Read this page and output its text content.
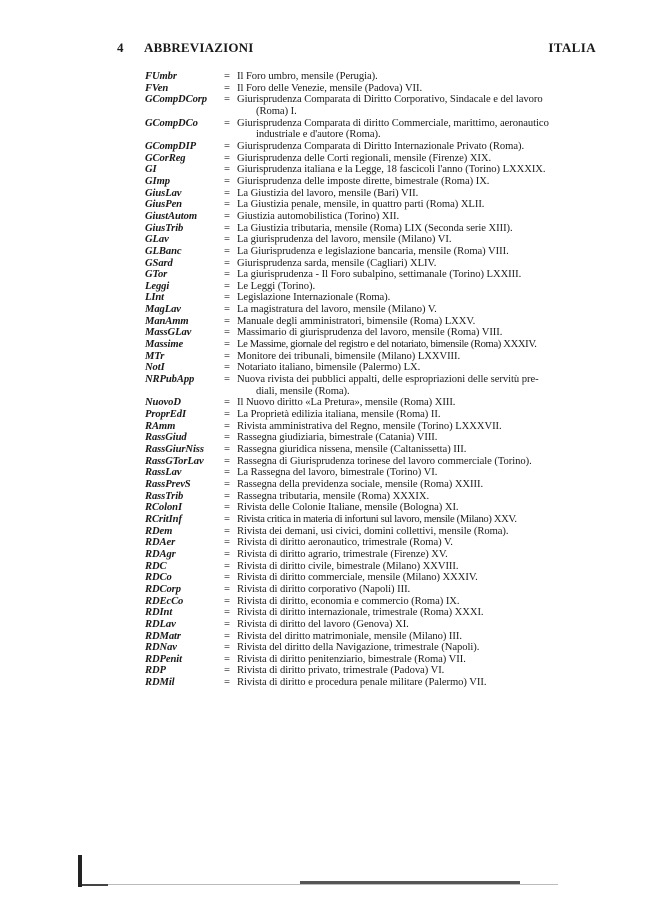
4 ABBREVIAZIONI	ITALIA
FUmbr	= Il Foro umbro, mensile (Perugia).
FVen	= Il Foro delle Venezie, mensile (Padova) VII.
GCompDCorp	= Giurisprudenza Comparata di Diritto Corporativo, Sindacale e del lavoro
(Roma) I.
GCompDCo	= Giurisprudenza Comparata di diritto Commerciale, marittimo, aeronautico
industriale e d'autore (Roma).
GCompDIP	= Giurisprudenza Comparata di Diritto Internazionale Privato (Roma).
GCorReg	= Giurisprudenza delle Corti regionali, mensile (Firenze) XIX.
GI	= Giurisprudenza italiana e la Legge, 18 fascicoli l'anno (Torino) LXXXIX.
GImp	= Giurisprudenza delle imposte dirette, bimestrale (Roma) IX.
GiusLav	= La Giustizia del lavoro, mensile (Bari) VII.
GiusPen	= La Giustizia penale, mensile, in quattro parti (Roma) XLII.
GiustAutom	= Giustizia automobilistica (Torino) XII.
GiusTrib	= La Giustizia tributaria, mensile (Roma) LIX (Seconda serie XIII).
GLav	= La giurisprudenza del lavoro, mensile (Milano) VI.
GLBanc	= La Giurisprudenza e legislazione bancaria, mensile (Roma) VIII.
GSard	= Giurisprudenza sarda, mensile (Cagliari) XLIV.
GTor	= La giurisprudenza - Il Foro subalpino, settimanale (Torino) LXXIII.
Leggi	= Le Leggi (Torino).
LInt	= Legislazione Internazionale (Roma).
MagLav	= La magistratura del lavoro, mensile (Milano) V.
ManAmm	= Manuale degli amministratori, bimensile (Roma) LXXV.
MassGLav	= Massimario di giurisprudenza del lavoro, mensile (Roma) VIII.
Massime	= Le Massime, giornale del registro e del notariato, bimensile (Roma) XXXIV.
MTr	= Monitore dei tribunali, bimensile (Milano) LXXVIII.
NotI	= Notariato italiano, bimensile (Palermo) LX.
NRPubApp	= Nuova rivista dei pubblici appalti, delle espropriazioni delle servitù pre-
diali, mensile (Roma).
NuovoD	= Il Nuovo diritto «La Pretura», mensile (Roma) XIII.
ProprEdI	= La Proprietà edilizia italiana, mensile (Roma) II.
RAmm	= Rivista amministrativa del Regno, mensile (Torino) LXXXVII.
RassGiud	= Rassegna giudiziaria, bimestrale (Catania) VIII.
RassGiurNiss	= Rassegna giuridica nissena, mensile (Caltanissetta) III.
RassGTorLav	= Rassegna di Giurisprudenza torinese del lavoro commerciale (Torino).
RassLav	= La Rassegna del lavoro, bimestrale (Torino) VI.
RassPrevS	= Rassegna della previdenza sociale, mensile (Roma) XXIII.
RassTrib	= Rassegna tributaria, mensile (Roma) XXXIX.
RColonI	= Rivista delle Colonie Italiane, mensile (Bologna) XI.
RCritInf	= Rivista critica in materia di infortuni sul lavoro, mensile (Milano) XXV.
RDem	= Rivista dei demani, usi civici, domini collettivi, mensile (Roma).
RDAer	= Rivista di diritto aeronautico, trimestrale (Roma) V.
RDAgr	= Rivista di diritto agrario, trimestrale (Firenze) XV.
RDC	= Rivista di diritto civile, bimestrale (Milano) XXVIII.
RDCo	= Rivista di diritto commerciale, mensile (Milano) XXXIV.
RDCorp	= Rivista di diritto corporativo (Napoli) III.
RDEcCo	= Rivista di diritto, economia e commercio (Roma) IX.
RDInt	= Rivista di diritto internazionale, trimestrale (Roma) XXXI.
RDLav	= Rivista di diritto del lavoro (Genova) XI.
RDMatr	= Rivista del diritto matrimoniale, mensile (Milano) III.
RDNav	= Rivista del diritto della Navigazione, trimestrale (Napoli).
RDPenit	= Rivista di diritto penitenziario, bimestrale (Roma) VII.
RDP	= Rivista di diritto privato, trimestrale (Padova) VI.
RDMil	= Rivista di diritto e procedura penale militare (Palermo) VII.
